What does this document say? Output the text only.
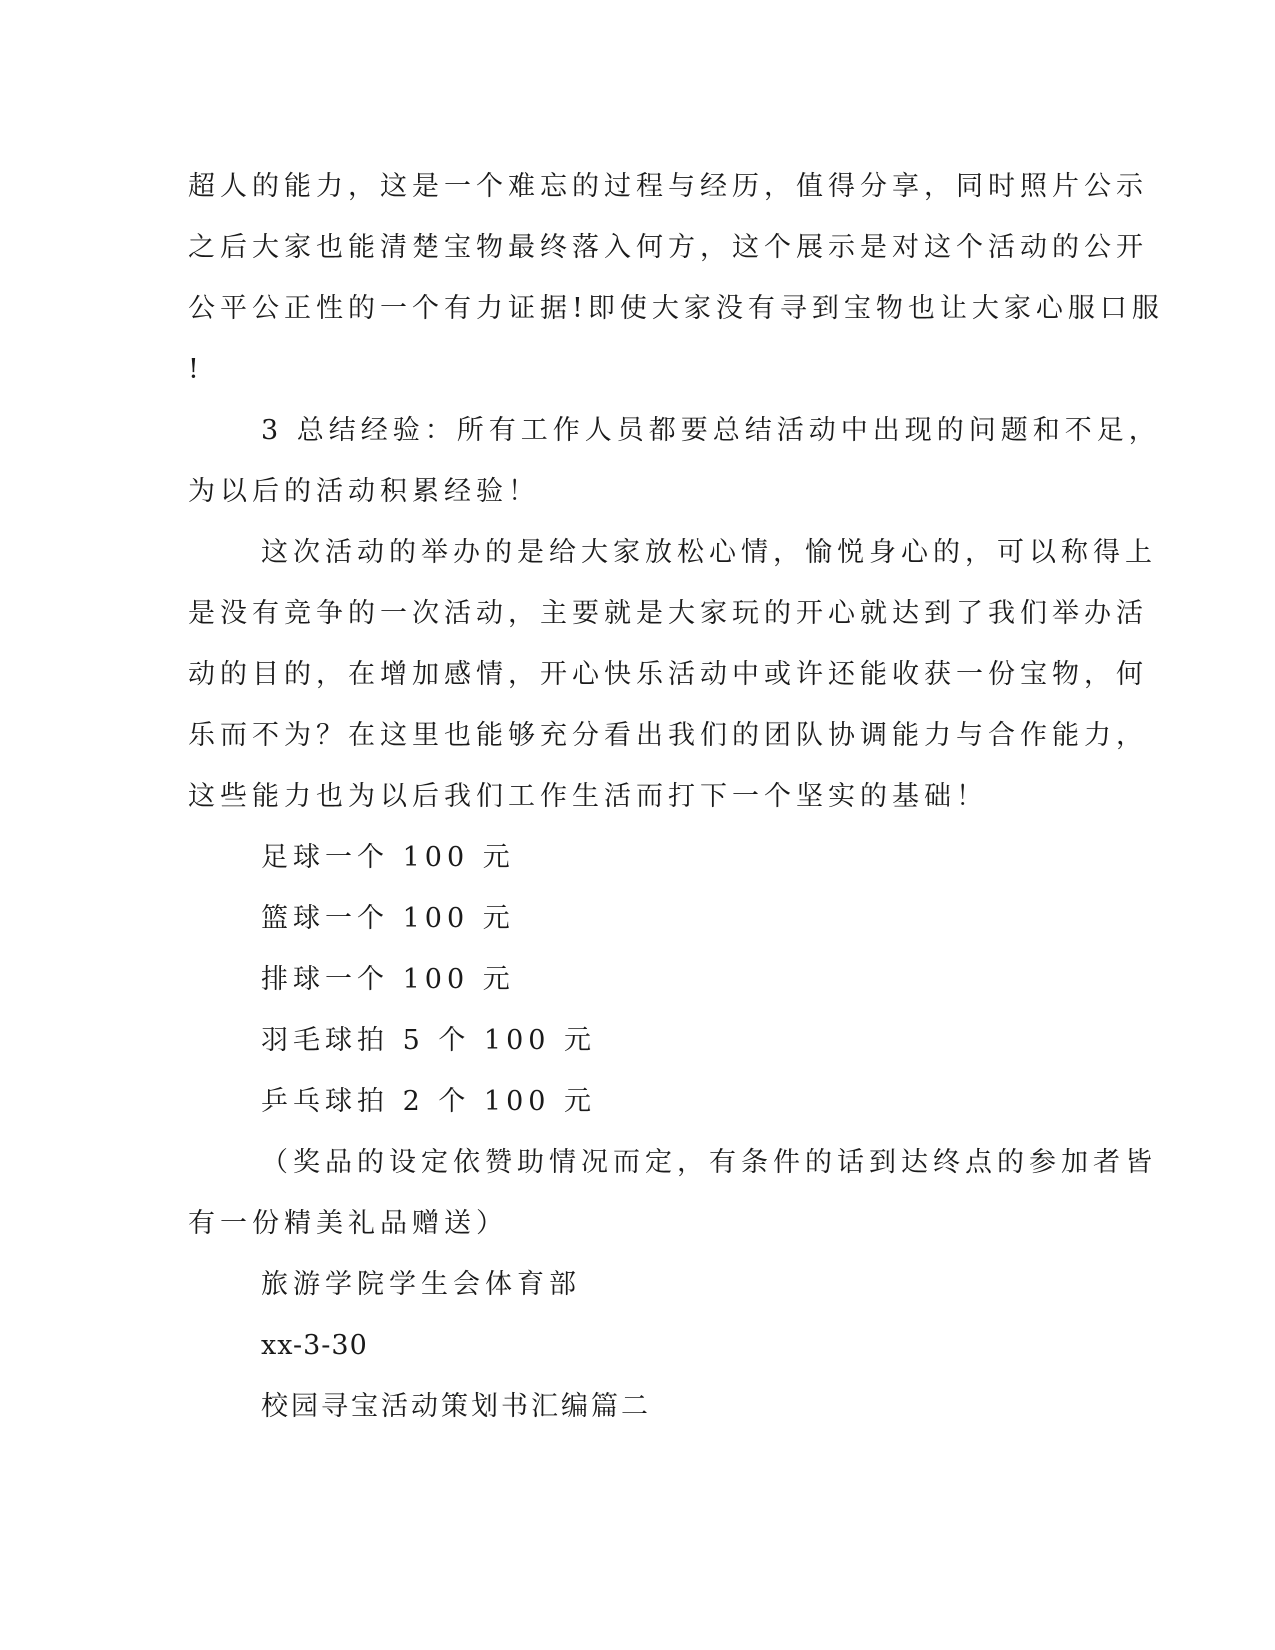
超人的能力，这是一个难忘的过程与经历，值得分享，同时照片公示
之后大家也能清楚宝物最终落入何方，这个展示是对这个活动的公开
公平公正性的一个有力证据!即使大家没有寻到宝物也让大家心服口服
!
3 总结经验：所有工作人员都要总结活动中出现的问题和不足，
为以后的活动积累经验！
这次活动的举办的是给大家放松心情，愉悦身心的，可以称得上
是没有竞争的一次活动，主要就是大家玩的开心就达到了我们举办活
动的目的，在增加感情，开心快乐活动中或许还能收获一份宝物，何
乐而不为？在这里也能够充分看出我们的团队协调能力与合作能力，
这些能力也为以后我们工作生活而打下一个坚实的基础！
足球一个 100 元
篮球一个 100 元
排球一个 100 元
羽毛球拍 5 个 100 元
乒乓球拍 2 个 100 元
（奖品的设定依赞助情况而定，有条件的话到达终点的参加者皆
有一份精美礼品赠送）
旅游学院学生会体育部
xx-3-30
校园寻宝活动策划书汇编篇二
